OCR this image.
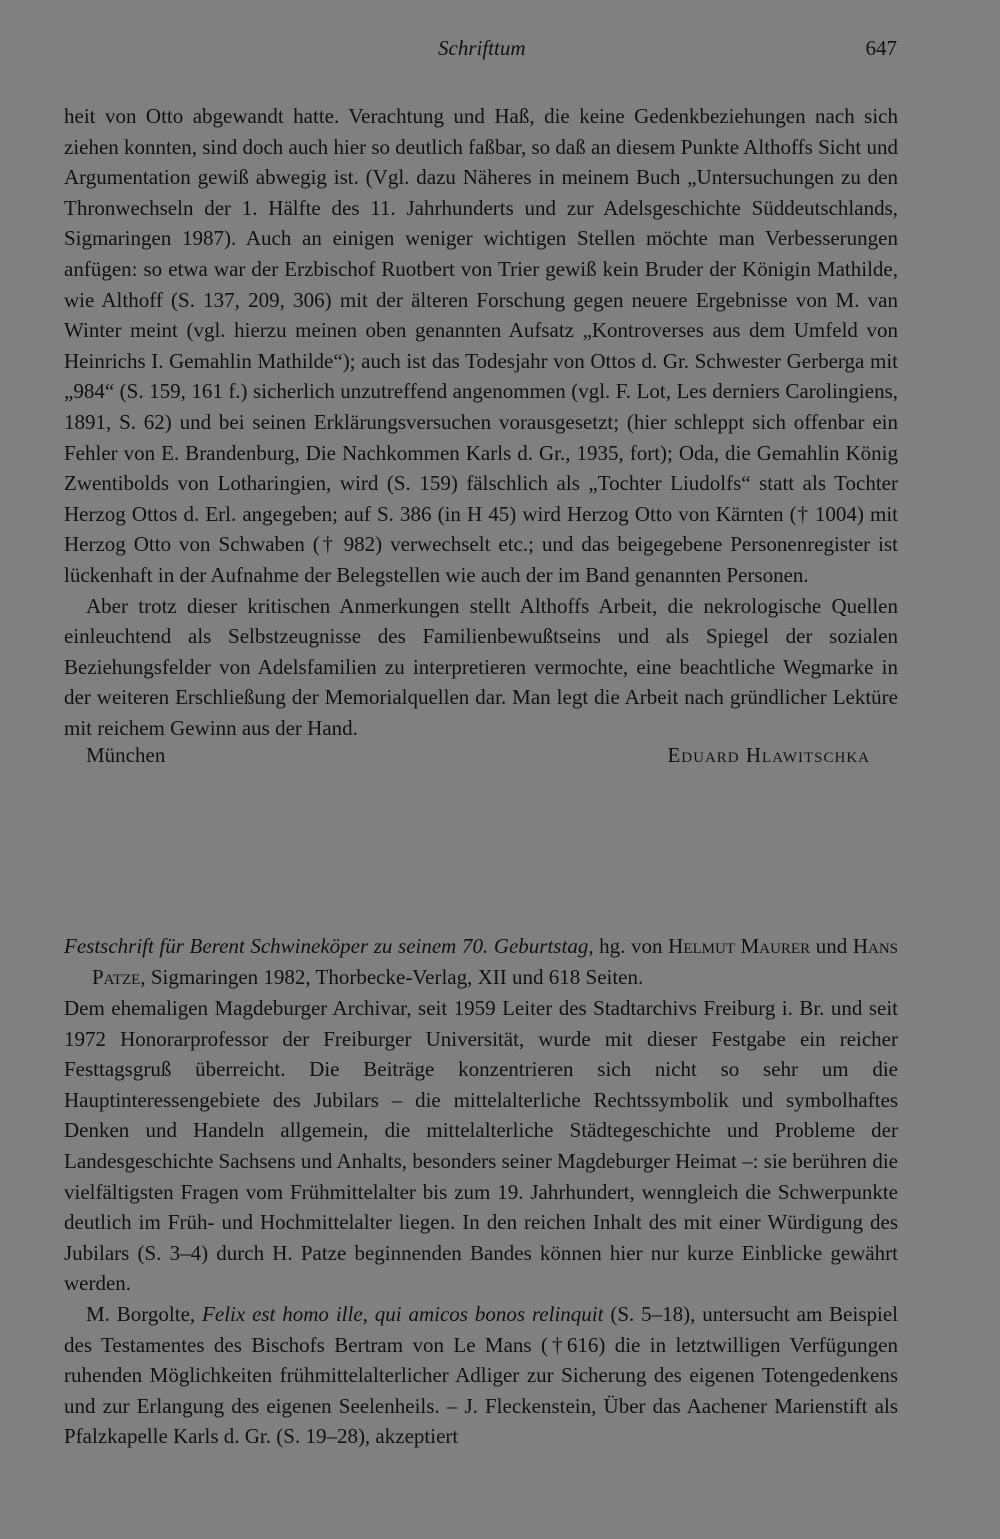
Schrifttum	647

heit von Otto abgewandt hatte. Verachtung und Haß, die keine Gedenkbeziehungen nach sich ziehen konnten, sind doch auch hier so deutlich faßbar, so daß an diesem Punkte Althoffs Sicht und Argumentation gewiß abwegig ist. (Vgl. dazu Näheres in meinem Buch „Untersuchungen zu den Thronwechseln der 1. Hälfte des 11. Jahrhunderts und zur Adelsgeschichte Süddeutschlands, Sigmaringen 1987). Auch an einigen weniger wichtigen Stellen möchte man Verbesserungen anfügen: so etwa war der Erzbischof Ruotbert von Trier gewiß kein Bruder der Königin Mathilde, wie Althoff (S. 137, 209, 306) mit der älteren Forschung gegen neuere Ergebnisse von M. van Winter meint (vgl. hierzu meinen oben genannten Aufsatz „Kontroverses aus dem Umfeld von Heinrichs I. Gemahlin Mathilde“); auch ist das Todesjahr von Ottos d. Gr. Schwester Gerberga mit „984“ (S. 159, 161 f.) sicherlich unzutreffend angenommen (vgl. F. Lot, Les derniers Carolingiens, 1891, S. 62) und bei seinen Erklärungsversuchen vorausgesetzt; (hier schleppt sich offenbar ein Fehler von E. Brandenburg, Die Nachkommen Karls d. Gr., 1935, fort); Oda, die Gemahlin König Zwentibolds von Lotharingien, wird (S. 159) fälschlich als „Tochter Liudolfs“ statt als Tochter Herzog Ottos d. Erl. angegeben; auf S. 386 (in H 45) wird Herzog Otto von Kärnten († 1004) mit Herzog Otto von Schwaben († 982) verwechselt etc.; und das beigegebene Personenregister ist lückenhaft in der Aufnahme der Belegstellen wie auch der im Band genannten Personen.

Aber trotz dieser kritischen Anmerkungen stellt Althoffs Arbeit, die nekrologische Quellen einleuchtend als Selbstzeugnisse des Familienbewußtseins und als Spiegel der sozialen Beziehungsfelder von Adelsfamilien zu interpretieren vermochte, eine beachtliche Wegmarke in der weiteren Erschließung der Memorialquellen dar. Man legt die Arbeit nach gründlicher Lektüre mit reichem Gewinn aus der Hand.

München	Eduard Hlawitschka

Festschrift für Berent Schwineköper zu seinem 70. Geburtstag, hg. von Helmut Maurer und Hans Patze, Sigmaringen 1982, Thorbecke-Verlag, XII und 618 Seiten.

Dem ehemaligen Magdeburger Archivar, seit 1959 Leiter des Stadtarchivs Freiburg i. Br. und seit 1972 Honorarprofessor der Freiburger Universität, wurde mit dieser Festgabe ein reicher Festtagsgruß überreicht. Die Beiträge konzentrieren sich nicht so sehr um die Hauptinteressengebiete des Jubilars – die mittelalterliche Rechtssymbolik und symbolhaftes Denken und Handeln allgemein, die mittelalterliche Städtegeschichte und Probleme der Landesgeschichte Sachsens und Anhalts, besonders seiner Magdeburger Heimat –: sie berühren die vielfältigsten Fragen vom Frühmittelalter bis zum 19. Jahrhundert, wenngleich die Schwerpunkte deutlich im Früh- und Hochmittelalter liegen. In den reichen Inhalt des mit einer Würdigung des Jubilars (S. 3–4) durch H. Patze beginnenden Bandes können hier nur kurze Einblicke gewährt werden.

M. Borgolte, Felix est homo ille, qui amicos bonos relinquit (S. 5–18), untersucht am Beispiel des Testamentes des Bischofs Bertram von Le Mans (†616) die in letztwilligen Verfügungen ruhenden Möglichkeiten frühmittelalterlicher Adliger zur Sicherung des eigenen Totengedenkens und zur Erlangung des eigenen Seelenheils. – J. Fleckenstein, Über das Aachener Marienstift als Pfalzkapelle Karls d. Gr. (S. 19–28), akzeptiert
